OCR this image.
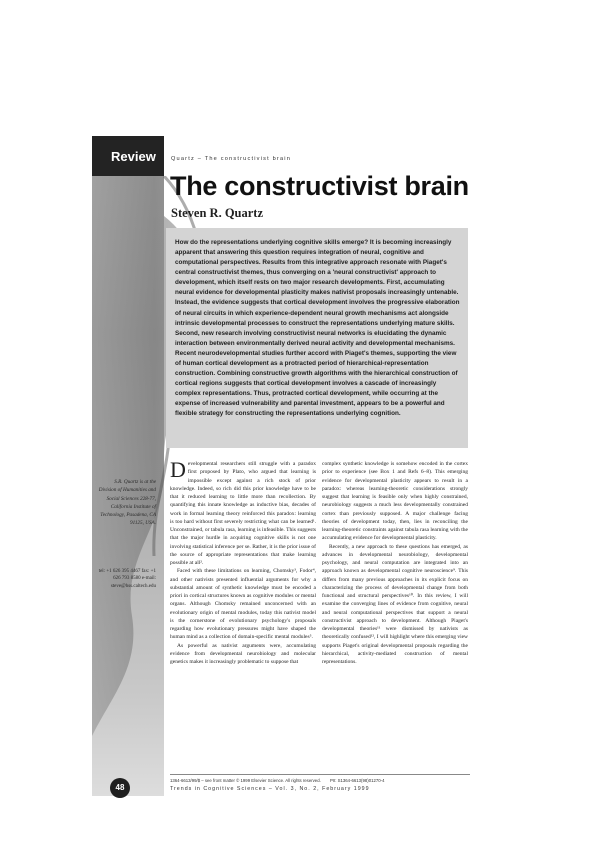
Review
S.R. Quartz is at the Division of Humanities and Social Sciences 228-77, California Institute of Technology, Pasadena, CA 91125, USA.
tel: +1 626 395 4467 fax: +1 626 793 8580 e-mail: steve@hss.caltech.edu
48
Quartz – The constructivist brain
The constructivist brain
Steven R. Quartz

How do the representations underlying cognitive skills emerge? It is becoming increasingly apparent that answering this question requires integration of neural, cognitive and computational perspectives. Results from this integrative approach resonate with Piaget's central constructivist themes, thus converging on a 'neural constructivist' approach to development, which itself rests on two major research developments. First, accumulating neural evidence for developmental plasticity makes nativist proposals increasingly untenable. Instead, the evidence suggests that cortical development involves the progressive elaboration of neural circuits in which experience-dependent neural growth mechanisms act alongside intrinsic developmental processes to construct the representations underlying mature skills. Second, new research involving constructivist neural networks is elucidating the dynamic interaction between environmentally derived neural activity and developmental mechanisms. Recent neurodevelopmental studies further accord with Piaget's themes, supporting the view of human cortical development as a protracted period of hierarchical-representation construction. Combining constructive growth algorithms with the hierarchical construction of cortical regions suggests that cortical development involves a cascade of increasingly complex representations. Thus, protracted cortical development, while occurring at the expense of increased vulnerability and parental investment, appears to be a powerful and flexible strategy for constructing the representations underlying cognition.

Developmental researchers still struggle with a paradox first proposed by Plato, who argued that learning is impossible except against a rich stock of prior knowledge. Indeed, so rich did this prior knowledge have to be that it reduced learning to little more than recollection. By quantifying this innate knowledge as inductive bias, decades of work in formal learning theory reinforced this paradox: learning is too hard without first severely restricting what can be learned¹. Unconstrained, or tabula rasa, learning is infeasible. This suggests that the major hurdle in acquiring cognitive skills is not one involving statistical inference per se. Rather, it is the prior issue of the source of appropriate representations that make learning possible at all².

Faced with these limitations on learning, Chomsky³, Fodor⁴, and other nativists presented influential arguments for why a substantial amount of synthetic knowledge must be encoded a priori in cortical structures known as cognitive modules or mental organs. Although Chomsky remained unconcerned with an evolutionary origin of mental modules, today this nativist model is the cornerstone of evolutionary psychology's proposals regarding how evolutionary pressures might have shaped the human mind as a collection of domain-specific mental modules⁵.

As powerful as nativist arguments were, accumulating evidence from developmental neurobiology and molecular genetics makes it increasingly problematic to suppose that

complex synthetic knowledge is somehow encoded in the cortex prior to experience (see Box 1 and Refs 6–8). This emerging evidence for developmental plasticity appears to result in a paradox: whereas learning-theoretic considerations strongly suggest that learning is feasible only when highly constrained, neurobiology suggests a much less developmentally constrained cortex than previously supposed. A major challenge facing theories of development today, then, lies in reconciling the learning-theoretic constraints against tabula rasa learning with the accumulating evidence for developmental plasticity.

Recently, a new approach to these questions has emerged, as advances in developmental neurobiology, developmental psychology, and neural computation are integrated into an approach known as developmental cognitive neuroscience⁹. This differs from many previous approaches in its explicit focus on characterizing the process of developmental change from both functional and structural perspectives¹⁰. In this review, I will examine the converging lines of evidence from cognitive, neural and neural computational perspectives that support a neural constructivist approach to development. Although Piaget's developmental theories¹¹ were dismissed by nativists as theoretically confused¹², I will highlight where this emerging view supports Piaget's original developmental proposals regarding the hierarchical, activity-mediated construction of mental representations.

1364-6613/99/$ – see front matter © 1999 Elsevier Science. All rights reserved. PII: S1364-6613(98)01270-4
Trends in Cognitive Sciences – Vol. 3, No. 2, February 1999
